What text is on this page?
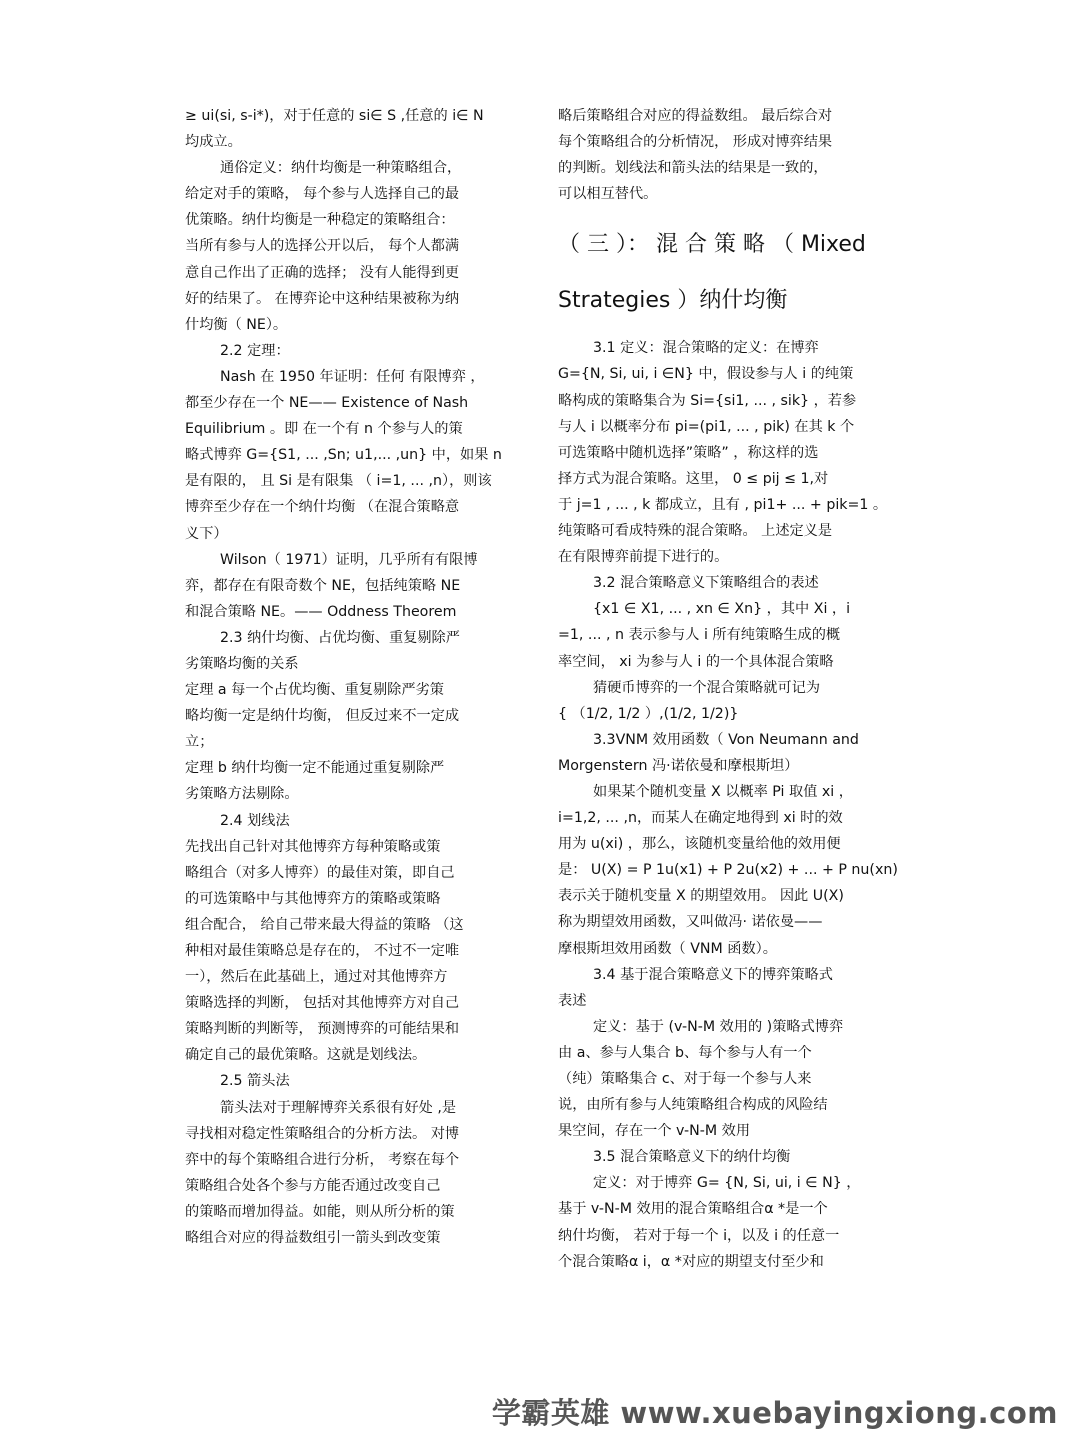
≥ ui(si, s-i*)，对于任意的 si∈ S ,任意的 i∈ N

均成立。

通俗定义：纳什均衡是一种策略组合，

给定对手的策略， 每个参与人选择自己的最

优策略。纳什均衡是一种稳定的策略组合：

当所有参与人的选择公开以后， 每个人都满

意自己作出了正确的选择； 没有人能得到更

好的结果了。 在博弈论中这种结果被称为纳

什均衡（ NE）。

2.2 定理：

Nash 在 1950 年证明：任何 有限博弈 ，

都至少存在一个 NE—— Existence of Nash

Equilibrium 。即 在一个有 n 个参与人的策

略式博弈 G={S1, ... ,Sn; u1,... ,un} 中，如果 n

是有限的， 且 Si 是有限集 （ i=1, ... ,n），则该

博弈至少存在一个纳什均衡 （在混合策略意

义下）

Wilson（ 1971）证明，几乎所有有限博

弈，都存在有限奇数个 NE，包括纯策略 NE

和混合策略 NE。—— Oddness Theorem

2.3 纳什均衡、占优均衡、重复剔除严

劣策略均衡的关系

定理 a 每一个占优均衡、重复剔除严劣策

略均衡一定是纳什均衡， 但反过来不一定成

立；

定理 b 纳什均衡一定不能通过重复剔除严

劣策略方法剔除。

2.4 划线法

先找出自己针对其他博弈方每种策略或策

略组合（对多人博弈）的最佳对策，即自己

的可选策略中与其他博弈方的策略或策略

组合配合， 给自己带来最大得益的策略 （这

种相对最佳策略总是存在的， 不过不一定唯

一），然后在此基础上，通过对其他博弈方

策略选择的判断， 包括对其他博弈方对自己

策略判断的判断等， 预测博弈的可能结果和

确定自己的最优策略。这就是划线法。

2.5 箭头法

箭头法对于理解博弈关系很有好处 ,是

寻找相对稳定性策略组合的分析方法。 对博

弈中的每个策略组合进行分析， 考察在每个

策略组合处各个参与方能否通过改变自己

的策略而增加得益。如能，则从所分析的策

略组合对应的得益数组引一箭头到改变策

略后策略组合对应的得益数组。 最后综合对

每个策略组合的分析情况， 形成对博弈结果

的判断。划线法和箭头法的结果是一致的，

可以相互替代。

（ 三 ）： 混 合 策 略 （ Mixed
Strategies ）纳什均衡

3.1 定义：混合策略的定义：在博弈

G={N, Si, ui, i ∈N} 中，假设参与人 i 的纯策

略构成的策略集合为 Si={si1, ... , sik} ，若参

与人 i 以概率分布 pi=(pi1, ... , pik) 在其 k 个

可选策略中随机选择”策略” ，称这样的选

择方式为混合策略。这里， 0 ≤ pij ≤ 1,对

于 j=1 , ... , k 都成立，且有 , pi1+ ... + pik=1 。

纯策略可看成特殊的混合策略。 上述定义是

在有限博弈前提下进行的。

3.2 混合策略意义下策略组合的表述

{x1 ∈ X1, ... , xn ∈ Xn} ，其中 Xi ，i

=1, ... , n 表示参与人 i 所有纯策略生成的概

率空间， xi 为参与人 i 的一个具体混合策略

猜硬币博弈的一个混合策略就可记为

{ （1/2, 1/2 ）,(1/2, 1/2)}

3.3VNM 效用函数（ Von Neumann and

Morgenstern 冯·诺依曼和摩根斯坦）

如果某个随机变量 X 以概率 Pi 取值 xi ，

i=1,2, ... ,n，而某人在确定地得到 xi 时的效

用为 u(xi) ，那么，该随机变量给他的效用便

是： U(X) = P 1u(x1) + P 2u(x2) + ... + P nu(xn)

表示关于随机变量 X 的期望效用。 因此 U(X)

称为期望效用函数，又叫做冯· 诺依曼——

摩根斯坦效用函数（ VNM 函数）。

3.4 基于混合策略意义下的博弈策略式

表述

定义：基于 (v-N-M 效用的 )策略式博弈

由 a、参与人集合 b、每个参与人有一个

（纯）策略集合 c、对于每一个参与人来

说，由所有参与人纯策略组合构成的风险结

果空间，存在一个 v-N-M 效用

3.5 混合策略意义下的纳什均衡

定义：对于博弈 G= {N, Si, ui, i ∈ N} ，

基于 v-N-M 效用的混合策略组合α *是一个

纳什均衡， 若对于每一个 i，以及 i 的任意一

个混合策略α i，α *对应的期望支付至少和

学霸英雄 www.xuebayingxiong.com
